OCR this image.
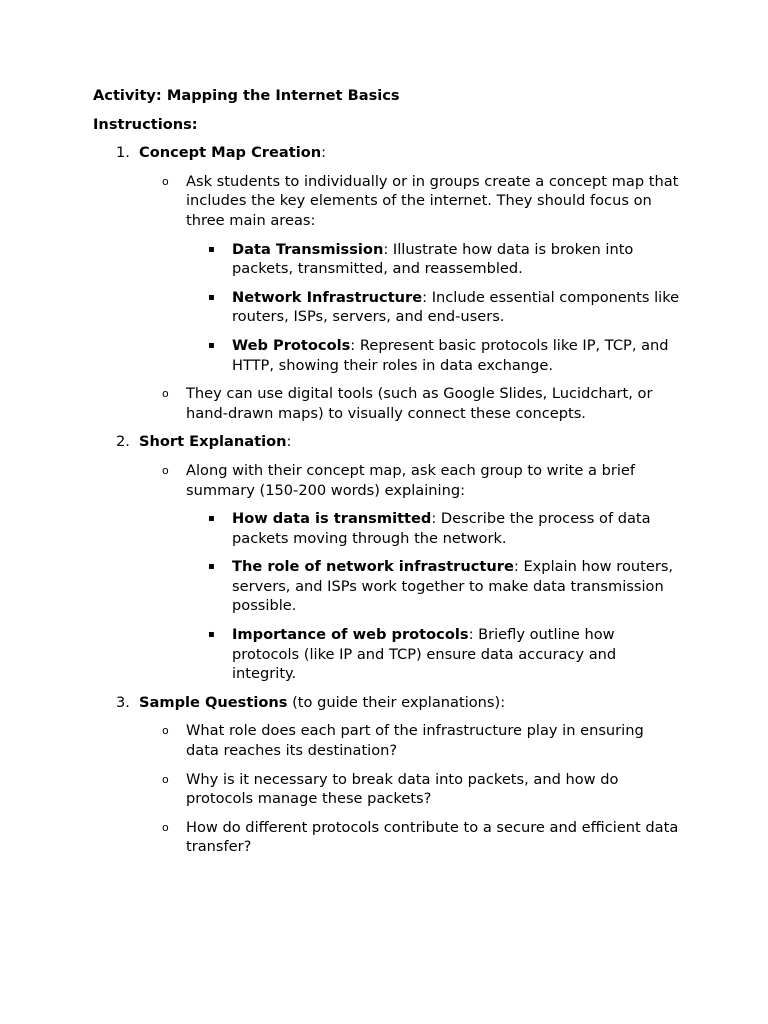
Activity: Mapping the Internet Basics

Instructions:

1. Concept Map Creation:
o Ask students to individually or in groups create a concept map that includes the key elements of the internet. They should focus on three main areas:
▪ Data Transmission: Illustrate how data is broken into packets, transmitted, and reassembled.
▪ Network Infrastructure: Include essential components like routers, ISPs, servers, and end-users.
▪ Web Protocols: Represent basic protocols like IP, TCP, and HTTP, showing their roles in data exchange.
o They can use digital tools (such as Google Slides, Lucidchart, or hand-drawn maps) to visually connect these concepts.
2. Short Explanation:
o Along with their concept map, ask each group to write a brief summary (150-200 words) explaining:
▪ How data is transmitted: Describe the process of data packets moving through the network.
▪ The role of network infrastructure: Explain how routers, servers, and ISPs work together to make data transmission possible.
▪ Importance of web protocols: Briefly outline how protocols (like IP and TCP) ensure data accuracy and integrity.
3. Sample Questions (to guide their explanations):
o What role does each part of the infrastructure play in ensuring data reaches its destination?
o Why is it necessary to break data into packets, and how do protocols manage these packets?
o How do different protocols contribute to a secure and efficient data transfer?
